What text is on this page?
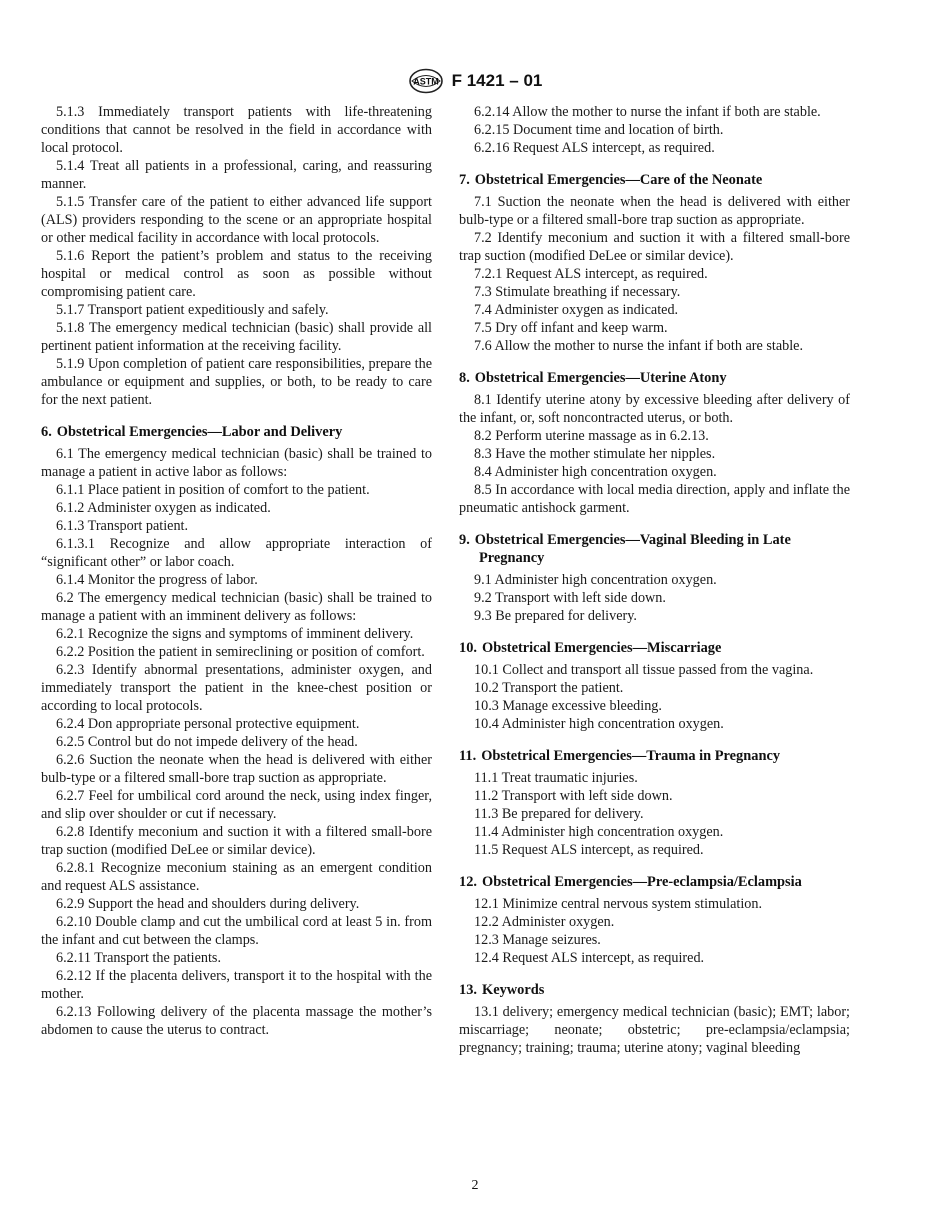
ASTM F 1421 – 01

5.1.3 Immediately transport patients with life-threatening conditions that cannot be resolved in the field in accordance with local protocol.

5.1.4 Treat all patients in a professional, caring, and reassuring manner.

5.1.5 Transfer care of the patient to either advanced life support (ALS) providers responding to the scene or an appropriate hospital or other medical facility in accordance with local protocols.

5.1.6 Report the patient’s problem and status to the receiving hospital or medical control as soon as possible without compromising patient care.

5.1.7 Transport patient expeditiously and safely.

5.1.8 The emergency medical technician (basic) shall provide all pertinent patient information at the receiving facility.

5.1.9 Upon completion of patient care responsibilities, prepare the ambulance or equipment and supplies, or both, to be ready to care for the next patient.

6. Obstetrical Emergencies—Labor and Delivery

6.1 The emergency medical technician (basic) shall be trained to manage a patient in active labor as follows:

6.1.1 Place patient in position of comfort to the patient.

6.1.2 Administer oxygen as indicated.

6.1.3 Transport patient.

6.1.3.1 Recognize and allow appropriate interaction of “significant other” or labor coach.

6.1.4 Monitor the progress of labor.

6.2 The emergency medical technician (basic) shall be trained to manage a patient with an imminent delivery as follows:

6.2.1 Recognize the signs and symptoms of imminent delivery.

6.2.2 Position the patient in semireclining or position of comfort.

6.2.3 Identify abnormal presentations, administer oxygen, and immediately transport the patient in the knee-chest position or according to local protocols.

6.2.4 Don appropriate personal protective equipment.

6.2.5 Control but do not impede delivery of the head.

6.2.6 Suction the neonate when the head is delivered with either bulb-type or a filtered small-bore trap suction as appropriate.

6.2.7 Feel for umbilical cord around the neck, using index finger, and slip over shoulder or cut if necessary.

6.2.8 Identify meconium and suction it with a filtered small-bore trap suction (modified DeLee or similar device).

6.2.8.1 Recognize meconium staining as an emergent condition and request ALS assistance.

6.2.9 Support the head and shoulders during delivery.

6.2.10 Double clamp and cut the umbilical cord at least 5 in. from the infant and cut between the clamps.

6.2.11 Transport the patients.

6.2.12 If the placenta delivers, transport it to the hospital with the mother.

6.2.13 Following delivery of the placenta massage the mother’s abdomen to cause the uterus to contract.

6.2.14 Allow the mother to nurse the infant if both are stable.

6.2.15 Document time and location of birth.

6.2.16 Request ALS intercept, as required.

7. Obstetrical Emergencies—Care of the Neonate

7.1 Suction the neonate when the head is delivered with either bulb-type or a filtered small-bore trap suction as appropriate.

7.2 Identify meconium and suction it with a filtered small-bore trap suction (modified DeLee or similar device).

7.2.1 Request ALS intercept, as required.

7.3 Stimulate breathing if necessary.

7.4 Administer oxygen as indicated.

7.5 Dry off infant and keep warm.

7.6 Allow the mother to nurse the infant if both are stable.

8. Obstetrical Emergencies—Uterine Atony

8.1 Identify uterine atony by excessive bleeding after delivery of the infant, or, soft noncontracted uterus, or both.

8.2 Perform uterine massage as in 6.2.13.

8.3 Have the mother stimulate her nipples.

8.4 Administer high concentration oxygen.

8.5 In accordance with local media direction, apply and inflate the pneumatic antishock garment.

9. Obstetrical Emergencies—Vaginal Bleeding in Late Pregnancy

9.1 Administer high concentration oxygen.

9.2 Transport with left side down.

9.3 Be prepared for delivery.

10. Obstetrical Emergencies—Miscarriage

10.1 Collect and transport all tissue passed from the vagina.

10.2 Transport the patient.

10.3 Manage excessive bleeding.

10.4 Administer high concentration oxygen.

11. Obstetrical Emergencies—Trauma in Pregnancy

11.1 Treat traumatic injuries.

11.2 Transport with left side down.

11.3 Be prepared for delivery.

11.4 Administer high concentration oxygen.

11.5 Request ALS intercept, as required.

12. Obstetrical Emergencies—Pre-eclampsia/Eclampsia

12.1 Minimize central nervous system stimulation.

12.2 Administer oxygen.

12.3 Manage seizures.

12.4 Request ALS intercept, as required.

13. Keywords

13.1 delivery; emergency medical technician (basic); EMT; labor; miscarriage; neonate; obstetric; pre-eclampsia/eclampsia; pregnancy; training; trauma; uterine atony; vaginal bleeding

2
